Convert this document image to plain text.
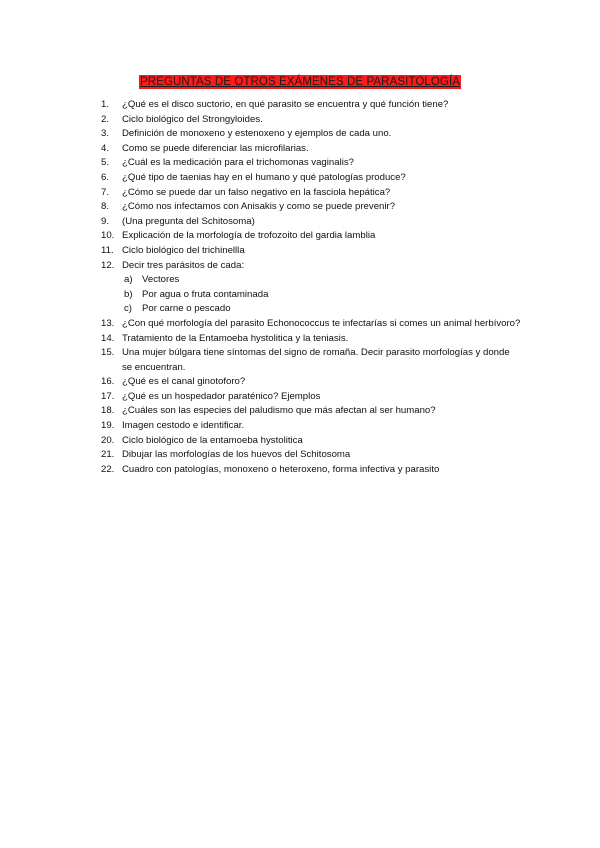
PREGUNTAS DE OTROS EXÁMENES DE PARASITOLOGÍA
1. ¿Qué es el disco suctorio, en qué parasito se encuentra y qué función tiene?
2. Ciclo biológico del Strongyloides.
3. Definición de monoxeno y estenoxeno y ejemplos de cada uno.
4. Como se puede diferenciar las microfilarias.
5. ¿Cuál es la medicación para el trichomonas vaginalis?
6. ¿Qué tipo de taenias hay en el humano y qué patologías produce?
7. ¿Cómo se puede dar un falso negativo en la fasciola hepática?
8. ¿Cómo nos infectamos con Anisakis y como se puede prevenir?
9. (Una pregunta del Schitosoma)
10. Explicación de la morfología de trofozoito del gardia lamblia
11. Ciclo biológico del trichinellla
12. Decir tres parásitos de cada:
a) Vectores
b) Por agua o fruta contaminada
c) Por carne o pescado
13. ¿Con qué morfología del parasito Echonococcus te infectarías si comes un animal herbívoro?
14. Tratamiento de la Entamoeba hystolitica y la teniasis.
15. Una mujer búlgara tiene síntomas del signo de romaña. Decir parasito morfologías y donde se encuentran.
16. ¿Qué es el canal ginotoforo?
17. ¿Qué es un hospedador paraténico? Ejemplos
18. ¿Cuáles son las especies del paludismo que más afectan al ser humano?
19. Imagen cestodo e identificar.
20. Ciclo biológico de la entamoeba hystolitica
21. Dibujar las morfologías de los huevos del Schitosoma
22. Cuadro con patologías, monoxeno o heteroxeno, forma infectiva y parasito
